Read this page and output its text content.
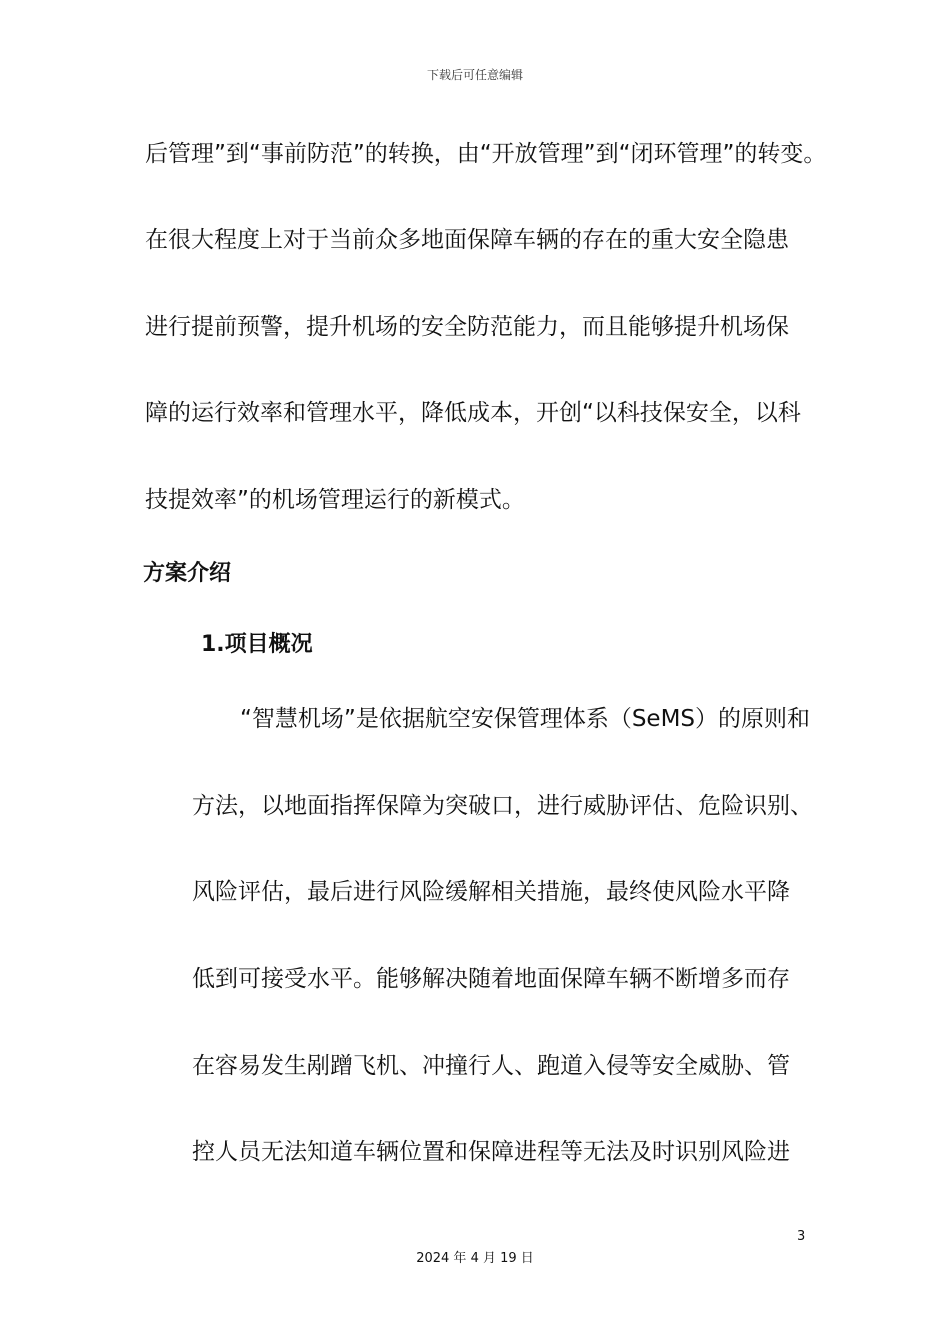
下载后可任意编辑
后管理”到“事前防范”的转换，由“开放管理”到“闭环管理”的转变。
在很大程度上对于当前众多地面保障车辆的存在的重大安全隐患
进行提前预警，提升机场的安全防范能力，而且能够提升机场保
障的运行效率和管理水平，降低成本，开创“以科技保安全，以科
技提效率”的机场管理运行的新模式。
方案介绍
1.项目概况
“智慧机场”是依据航空安保管理体系（SeMS）的原则和
方法，以地面指挥保障为突破口，进行威胁评估、危险识别、
风险评估，最后进行风险缓解相关措施，最终使风险水平降
低到可接受水平。能够解决随着地面保障车辆不断增多而存
在容易发生剐蹭飞机、冲撞行人、跑道入侵等安全威胁、管
控人员无法知道车辆位置和保障进程等无法及时识别风险进
3
2024 年 4 月 19 日
